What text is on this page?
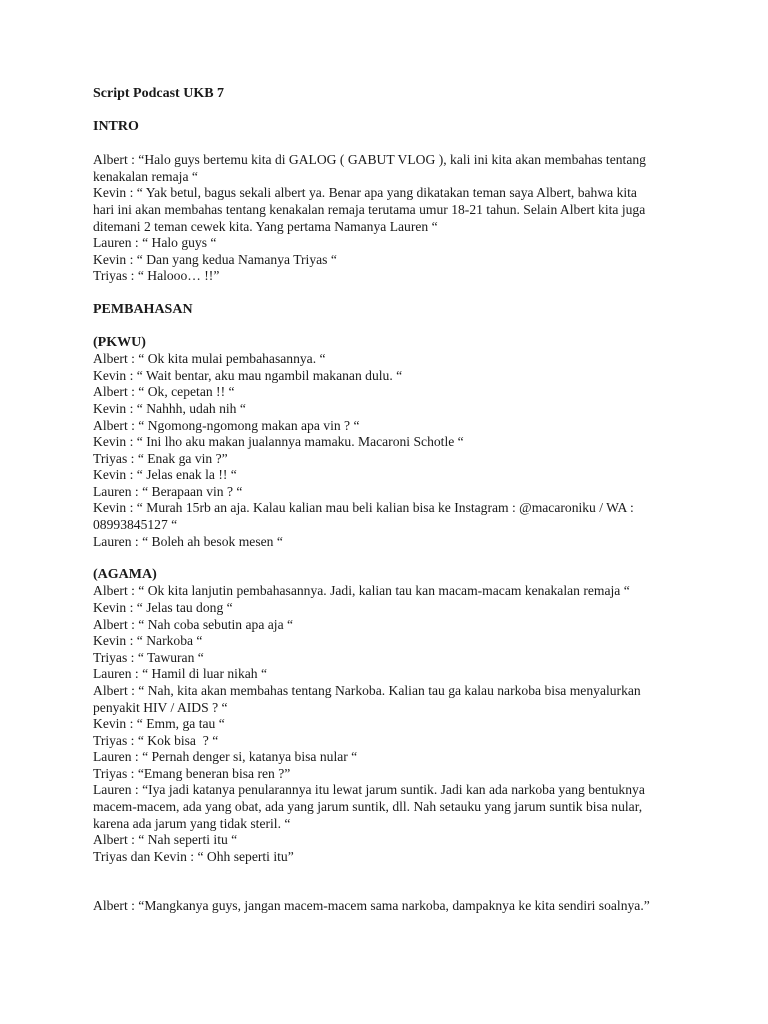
Script Podcast UKB 7

INTRO

Albert : “Halo guys bertemu kita di GALOG ( GABUT VLOG ), kali ini kita akan membahas tentang

kenakalan remaja “

Kevin : “ Yak betul, bagus sekali albert ya. Benar apa yang dikatakan teman saya Albert, bahwa kita

hari ini akan membahas tentang kenakalan remaja terutama umur 18-21 tahun. Selain Albert kita juga

ditemani 2 teman cewek kita. Yang pertama Namanya Lauren “

Lauren : “ Halo guys “

Kevin : “ Dan yang kedua Namanya Triyas “

Triyas : “ Halooo… !!”

PEMBAHASAN

(PKWU)

Albert : “ Ok kita mulai pembahasannya. “

Kevin : “ Wait bentar, aku mau ngambil makanan dulu. “

Albert : “ Ok, cepetan !! “

Kevin : “ Nahhh, udah nih “

Albert : “ Ngomong-ngomong makan apa vin ? “

Kevin : “ Ini lho aku makan jualannya mamaku. Macaroni Schotle “

Triyas : “ Enak ga vin ?”

Kevin : “ Jelas enak la !! “

Lauren : “ Berapaan vin ? “

Kevin : “ Murah 15rb an aja. Kalau kalian mau beli kalian bisa ke Instagram : @macaroniku / WA :

08993845127 “

Lauren : “ Boleh ah besok mesen “

(AGAMA)

Albert : “ Ok kita lanjutin pembahasannya. Jadi, kalian tau kan macam-macam kenakalan remaja “

Kevin : “ Jelas tau dong “

Albert : “ Nah coba sebutin apa aja “

Kevin : “ Narkoba “

Triyas : “ Tawuran “

Lauren : “ Hamil di luar nikah “

Albert : “ Nah, kita akan membahas tentang Narkoba. Kalian tau ga kalau narkoba bisa menyalurkan

penyakit HIV / AIDS ? “

Kevin : “ Emm, ga tau “

Triyas : “ Kok bisa  ? “

Lauren : “ Pernah denger si, katanya bisa nular “

Triyas : “Emang beneran bisa ren ?”

Lauren : “Iya jadi katanya penularannya itu lewat jarum suntik. Jadi kan ada narkoba yang bentuknya

macem-macem, ada yang obat, ada yang jarum suntik, dll. Nah setauku yang jarum suntik bisa nular,

karena ada jarum yang tidak steril. “

Albert : “ Nah seperti itu “

Triyas dan Kevin : “ Ohh seperti itu”

Albert : “Mangkanya guys, jangan macem-macem sama narkoba, dampaknya ke kita sendiri soalnya.”
